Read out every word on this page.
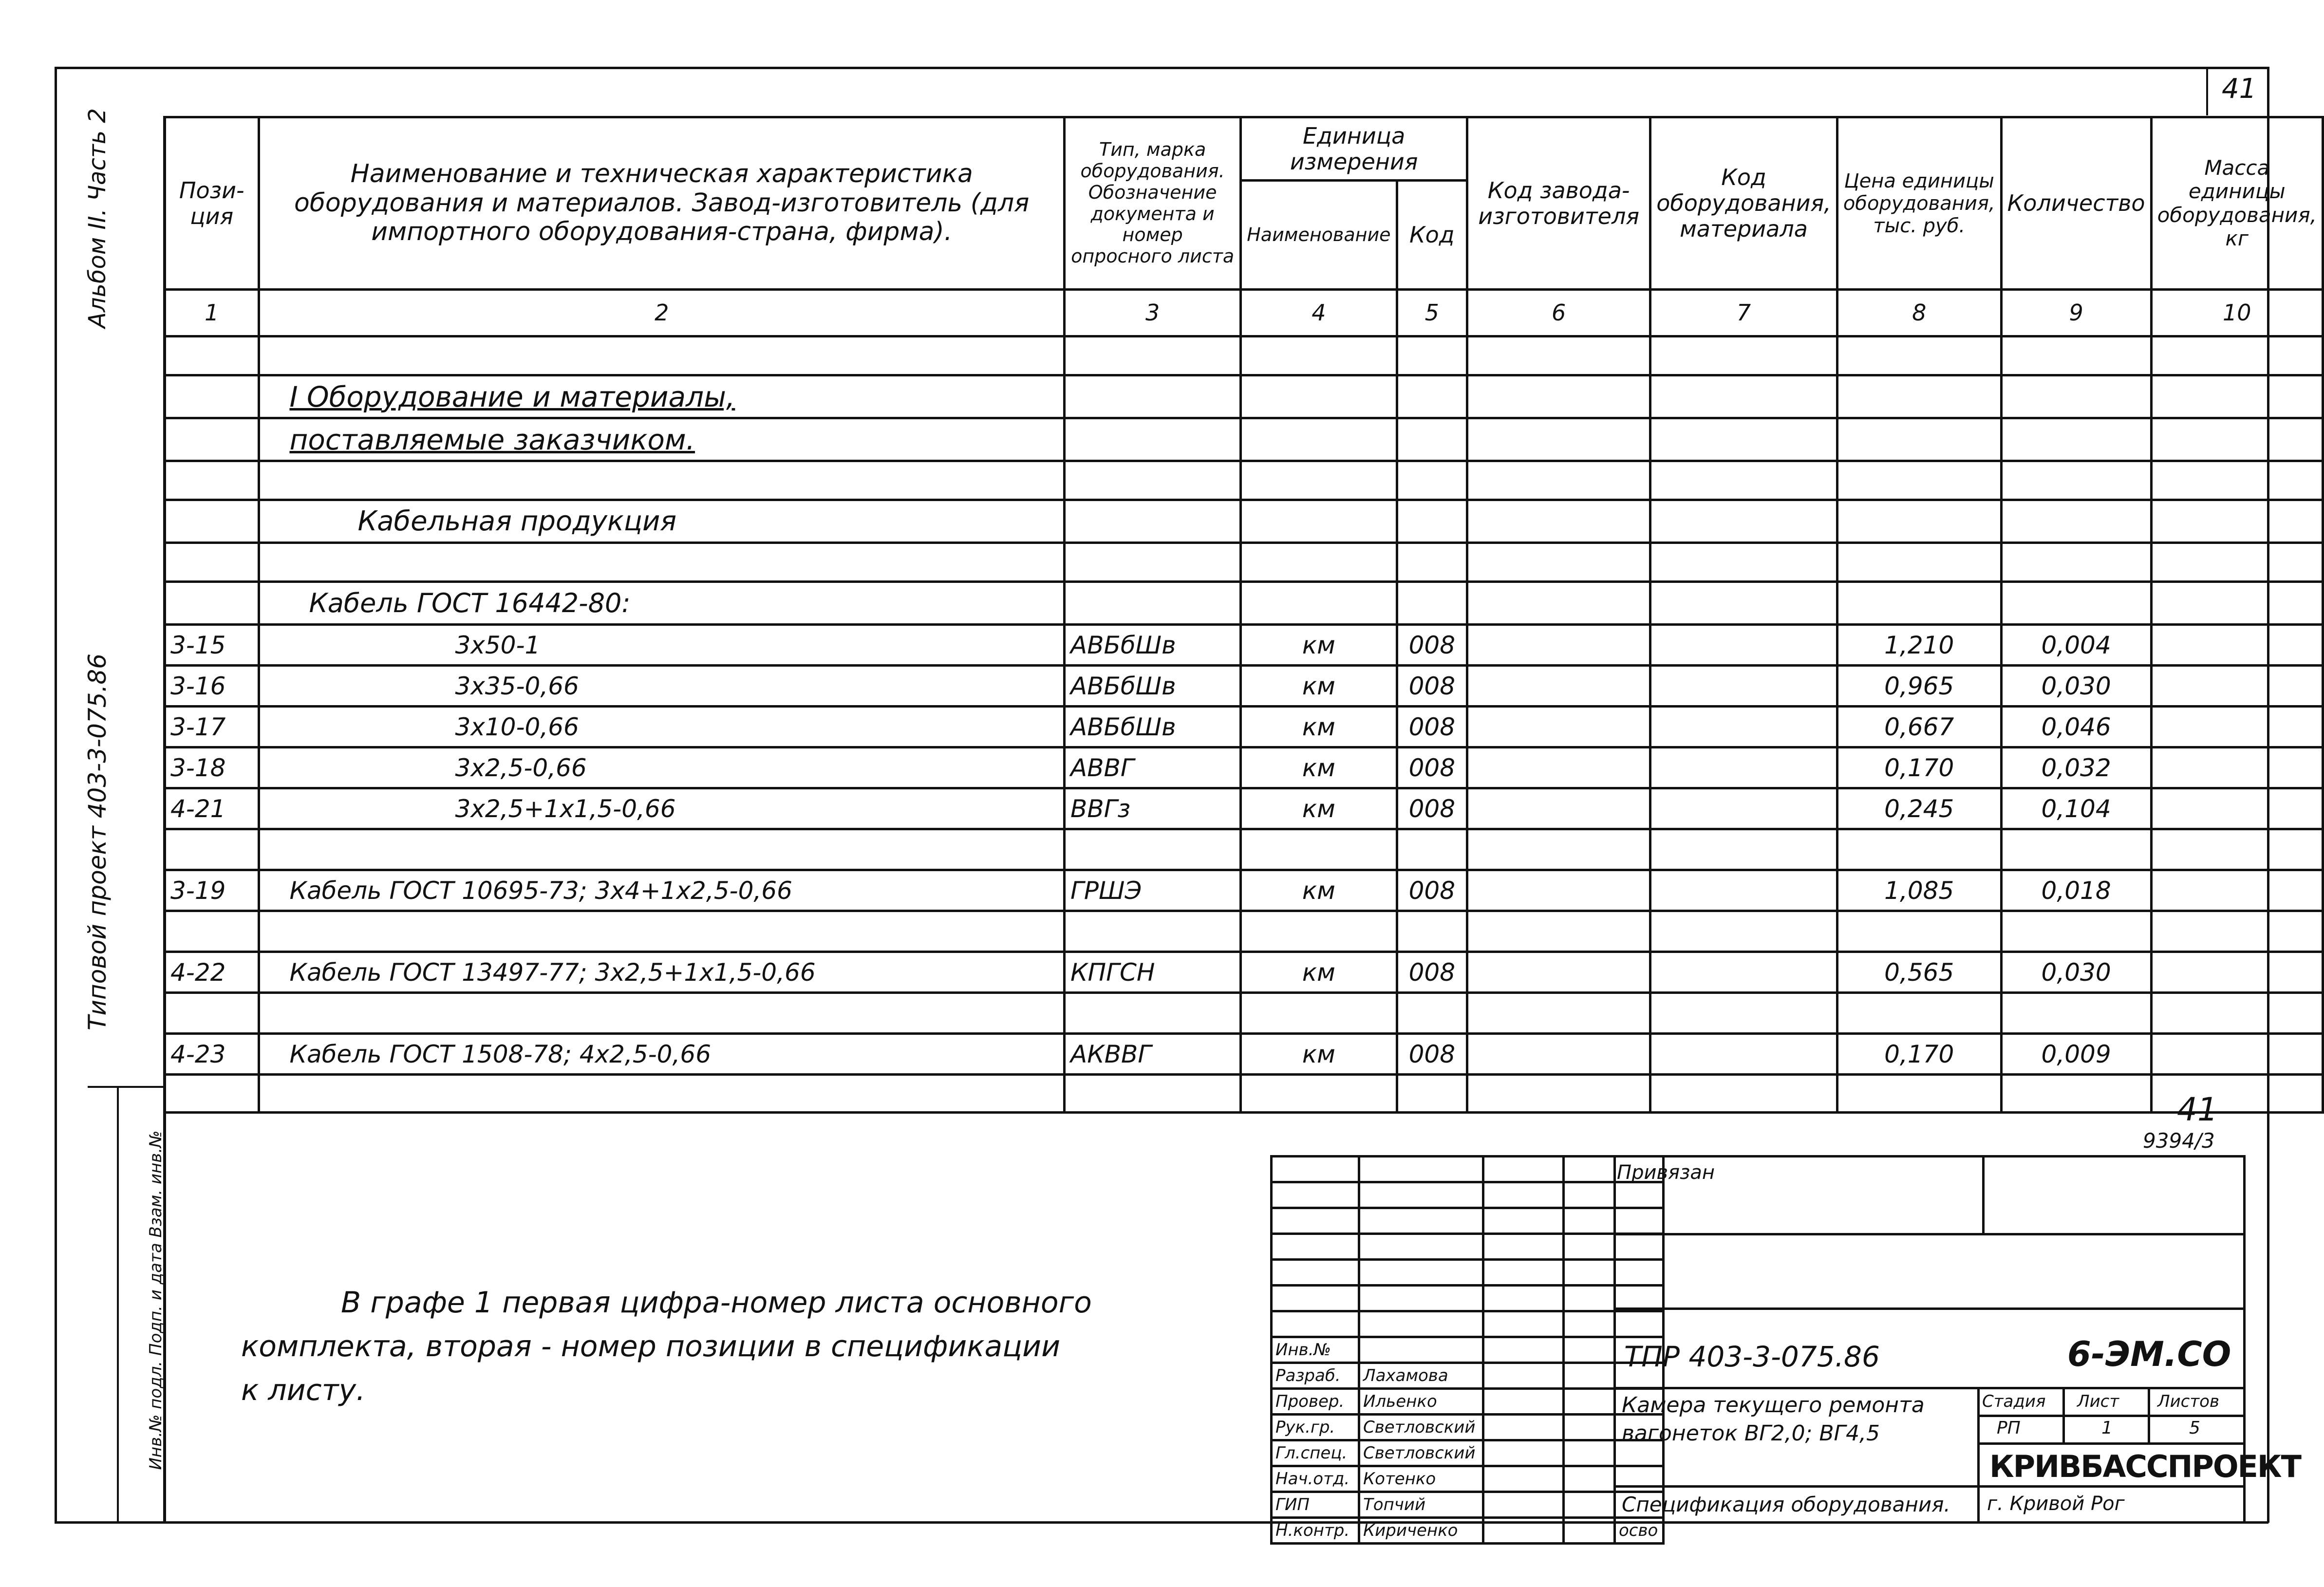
41
Альбом II. Часть 2
Типовой проект 403-3-075.86
Инв.№ подл. Подп. и дата Взам. инв.№
Пози-ция	Наименование и техническая характеристика оборудования и материалов. Завод-изготовитель (для импортного оборудования-страна, фирма).	Тип, марка оборудования. Обозначение документа и номер опросного листа	Единица измерения		Код завода-изготовителя	Код оборудования, материала	Цена единицы оборудования, тыс. руб.	Количество	Масса единицы оборудования, кг
			Наименование	Код					
1	2	3	4	5	6	7	8	9	10

	I Оборудование и материалы,								
	поставляемые заказчиком.								

	Кабельная продукция								

	Кабель ГОСТ 16442-80:								
3-15	3х50-1	АВБбШв	км	008			1,210	0,004	
3-16	3х35-0,66	АВБбШв	км	008			0,965	0,030	
3-17	3х10-0,66	АВБбШв	км	008			0,667	0,046	
3-18	3х2,5-0,66	АВВГ	км	008			0,170	0,032	
4-21	3х2,5+1х1,5-0,66	ВВГз	км	008			0,245	0,104	

3-19	Кабель ГОСТ 10695-73; 3х4+1х2,5-0,66	ГРШЭ	км	008			1,085	0,018	

4-22	Кабель ГОСТ 13497-77; 3х2,5+1х1,5-0,66	КПГСН	км	008			0,565	0,030	

4-23	Кабель ГОСТ 1508-78; 4х2,5-0,66	АКВВГ	км	008			0,170	0,009	

41
9394/3
В графе 1 первая цифра-номер листа основного
комплекта, вторая - номер позиции в спецификации
к листу.

Инв.№				
Разраб.	Лахамова			
Провер.	Ильенко			
Рук.гр.	Светловский			
Гл.спец.	Светловский			
Нач.отд.	Котенко			
ГИП	Топчий			
Н.контр.	Кириченко			осво
Привязан
ТПР 403-3-075.86	6-ЭМ.СО
Камера текущего ремонта
вагонеток ВГ2,0; ВГ4,5
Стадия Лист Листов
РП	1	5
КРИВБАССПРОЕКТ
Спецификация оборудования. г. Кривой Рог
